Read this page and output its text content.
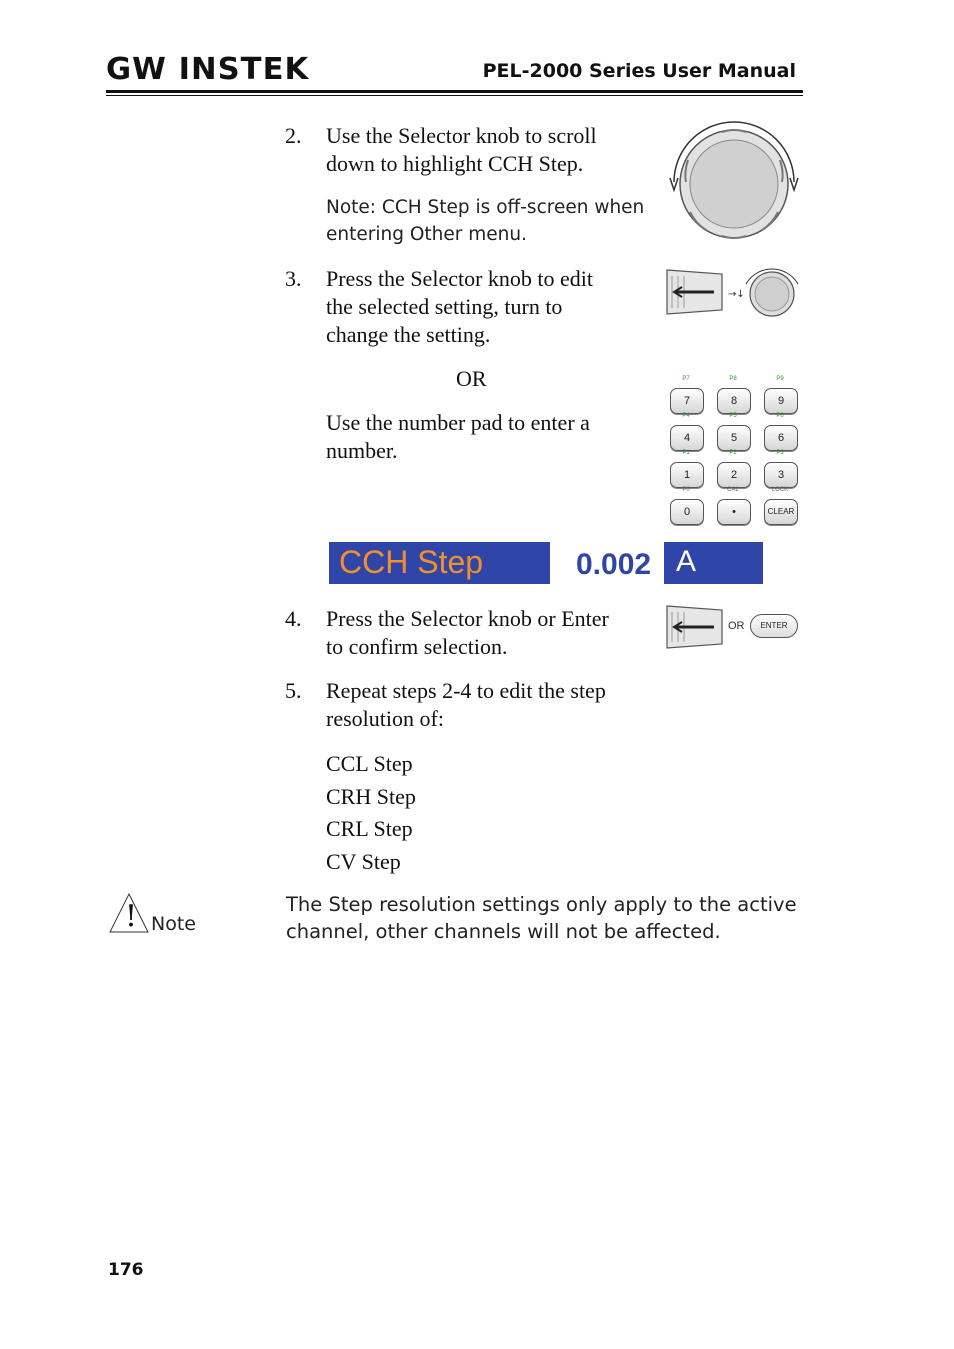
GW INSTEK	PEL-2000 Series User Manual
2. Use the Selector knob to scroll
down to highlight CCH Step.
Note: CCH Step is off-screen when
entering Other menu.
3. Press the Selector knob to edit
the selected setting, turn to
change the setting.
→↓
OR
Use the number pad to enter a
number.
P7
7
P8
8
P9
9
P4
4
P5
5
P6
6
P1
1
P2
2
P3
3
P0
0
CAL
•
LOCK
CLEAR
CCH Step	0.002 A
4. Press the Selector knob or Enter
to confirm selection.
OR	ENTER
5. Repeat steps 2-4 to edit the step
resolution of:
CCL Step
CRH Step
CRL Step
CV Step
! Note
The Step resolution settings only apply to the active
channel, other channels will not be affected.
176
